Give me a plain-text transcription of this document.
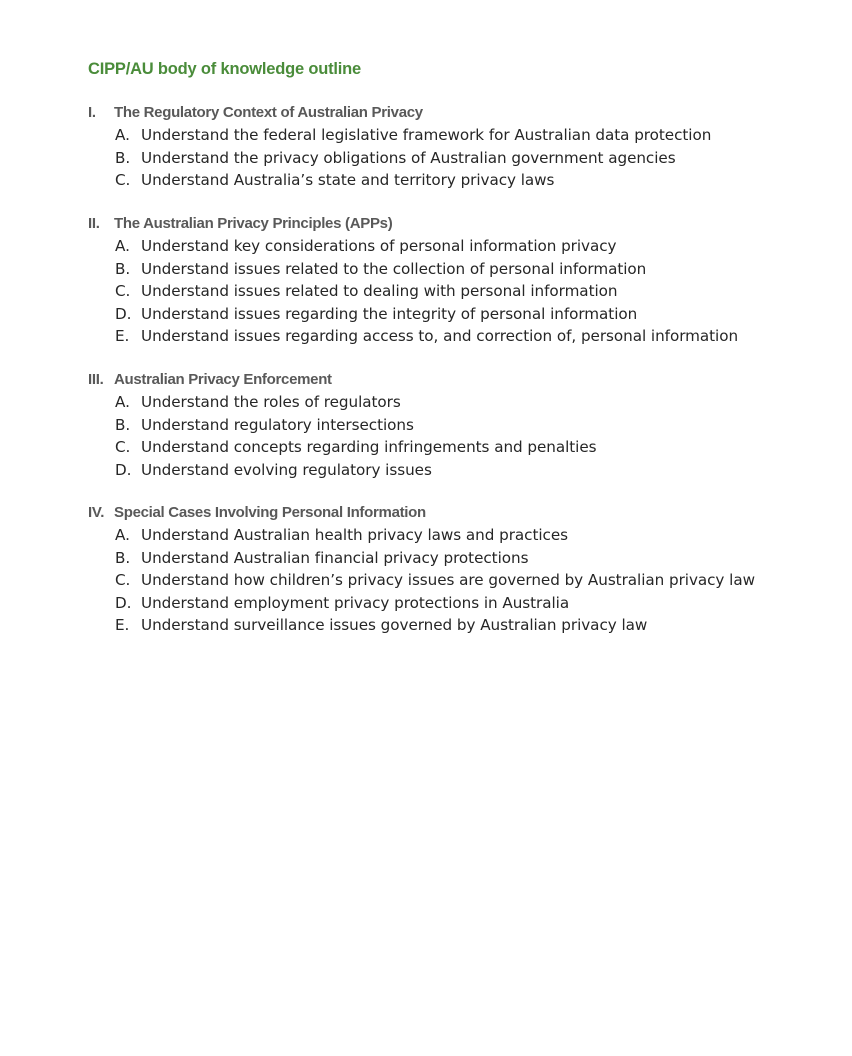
CIPP/AU body of knowledge outline
I. The Regulatory Context of Australian Privacy
A. Understand the federal legislative framework for Australian data protection
B. Understand the privacy obligations of Australian government agencies
C. Understand Australia’s state and territory privacy laws
II. The Australian Privacy Principles (APPs)
A. Understand key considerations of personal information privacy
B. Understand issues related to the collection of personal information
C. Understand issues related to dealing with personal information
D. Understand issues regarding the integrity of personal information
E. Understand issues regarding access to, and correction of, personal information
III. Australian Privacy Enforcement
A. Understand the roles of regulators
B. Understand regulatory intersections
C. Understand concepts regarding infringements and penalties
D. Understand evolving regulatory issues
IV. Special Cases Involving Personal Information
A. Understand Australian health privacy laws and practices
B. Understand Australian financial privacy protections
C. Understand how children’s privacy issues are governed by Australian privacy law
D. Understand employment privacy protections in Australia
E. Understand surveillance issues governed by Australian privacy law
